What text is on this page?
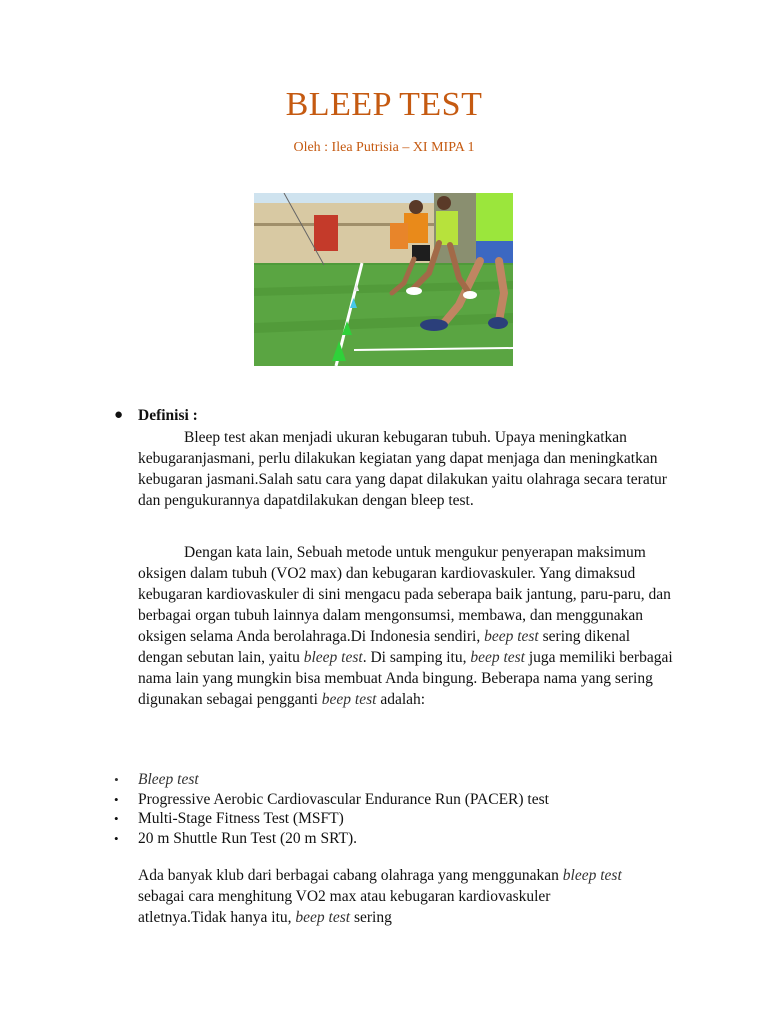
BLEEP TEST
Oleh : Ilea Putrisia – XI MIPA 1
● Definisi :
Bleep test akan menjadi ukuran kebugaran tubuh. Upaya meningkatkan kebugaranjasmani, perlu dilakukan kegiatan yang dapat menjaga dan meningkatkan kebugaran jasmani.Salah satu cara yang dapat dilakukan yaitu olahraga secara teratur dan pengukurannya dapatdilakukan dengan bleep test.
Dengan kata lain, Sebuah metode untuk mengukur penyerapan maksimum oksigen dalam tubuh (VO2 max) dan kebugaran kardiovaskuler. Yang dimaksud kebugaran kardiovaskuler di sini mengacu pada seberapa baik jantung, paru-paru, dan berbagai organ tubuh lainnya dalam mengonsumsi, membawa, dan menggunakan oksigen selama Anda berolahraga.Di Indonesia sendiri, beep test sering dikenal dengan sebutan lain, yaitu bleep test. Di samping itu, beep test juga memiliki berbagai nama lain yang mungkin bisa membuat Anda bingung. Beberapa nama yang sering digunakan sebagai pengganti beep test adalah:
• Bleep test
• Progressive Aerobic Cardiovascular Endurance Run (PACER) test
• Multi-Stage Fitness Test (MSFT)
• 20 m Shuttle Run Test (20 m SRT).
Ada banyak klub dari berbagai cabang olahraga yang menggunakan bleep test sebagai cara menghitung VO2 max atau kebugaran kardiovaskuler atletnya.Tidak hanya itu, beep test sering
